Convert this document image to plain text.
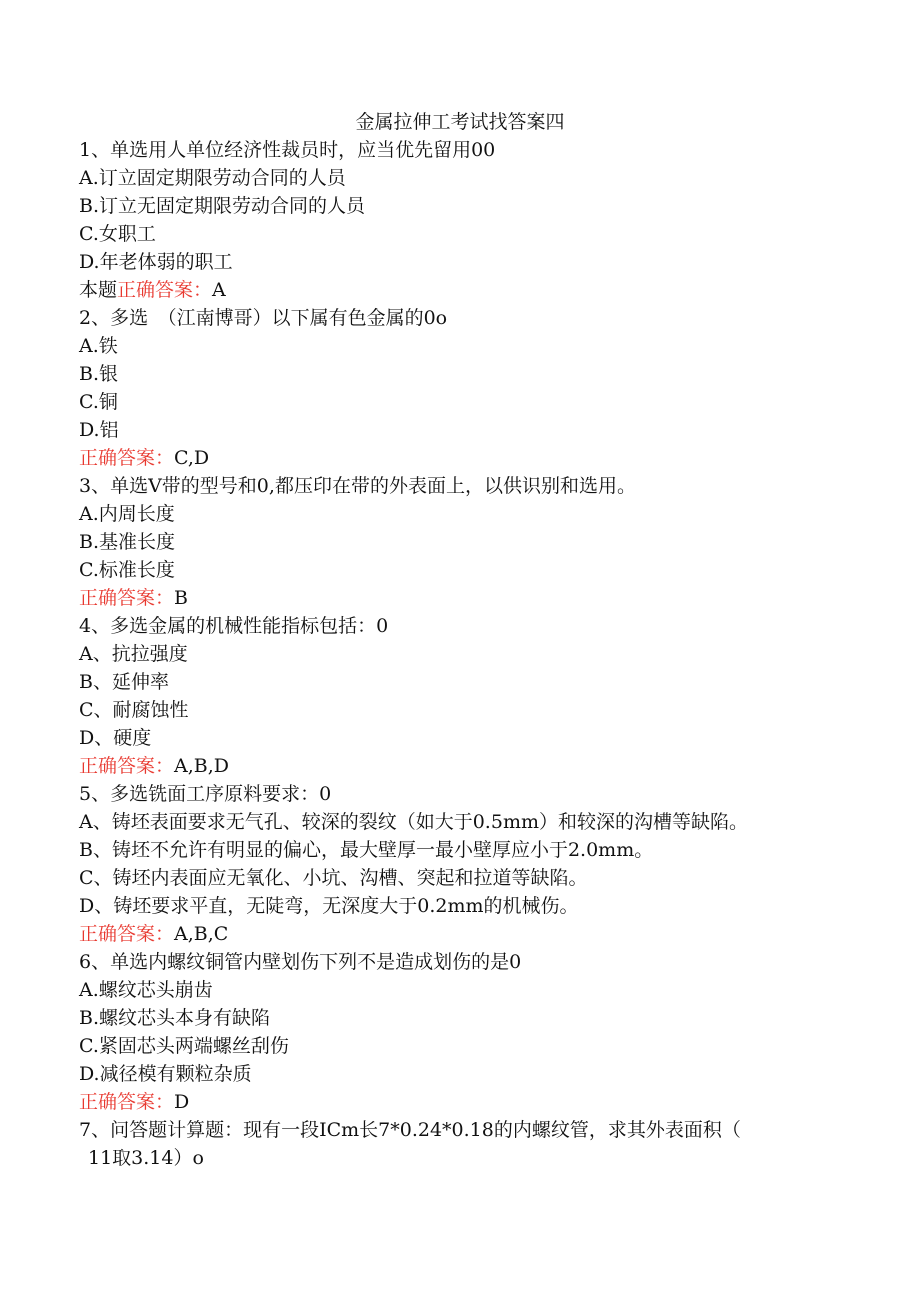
金属拉伸工考试找答案四
1、单选用人单位经济性裁员时，应当优先留用00
A.订立固定期限劳动合同的人员
B.订立无固定期限劳动合同的人员
C.女职工
D.年老体弱的职工
本题正确答案：A
2、多选　（江南博哥）以下属有色金属的0o
A.铁
B.银
C.铜
D.铝
正确答案：C,D
3、单选V带的型号和0,都压印在带的外表面上，以供识别和选用。
A.内周长度
B.基准长度
C.标准长度
正确答案：B
4、多选金属的机械性能指标包括：0
A、抗拉强度
B、延伸率
C、耐腐蚀性
D、硬度
正确答案：A,B,D
5、多选铣面工序原料要求：0
A、铸坯表面要求无气孔、较深的裂纹（如大于0.5mm）和较深的沟槽等缺陷。
B、铸坯不允许有明显的偏心，最大壁厚一最小壁厚应小于2.0mm。
C、铸坯内表面应无氧化、小坑、沟槽、突起和拉道等缺陷。
D、铸坯要求平直，无陡弯，无深度大于0.2mm的机械伤。
正确答案：A,B,C
6、单选内螺纹铜管内壁划伤下列不是造成划伤的是0
A.螺纹芯头崩齿
B.螺纹芯头本身有缺陷
C.紧固芯头两端螺丝刮伤
D.减径模有颗粒杂质
正确答案：D
7、问答题计算题：现有一段ICm长7*0.24*0.18的内螺纹管，求其外表面积（
11取3.14）o
